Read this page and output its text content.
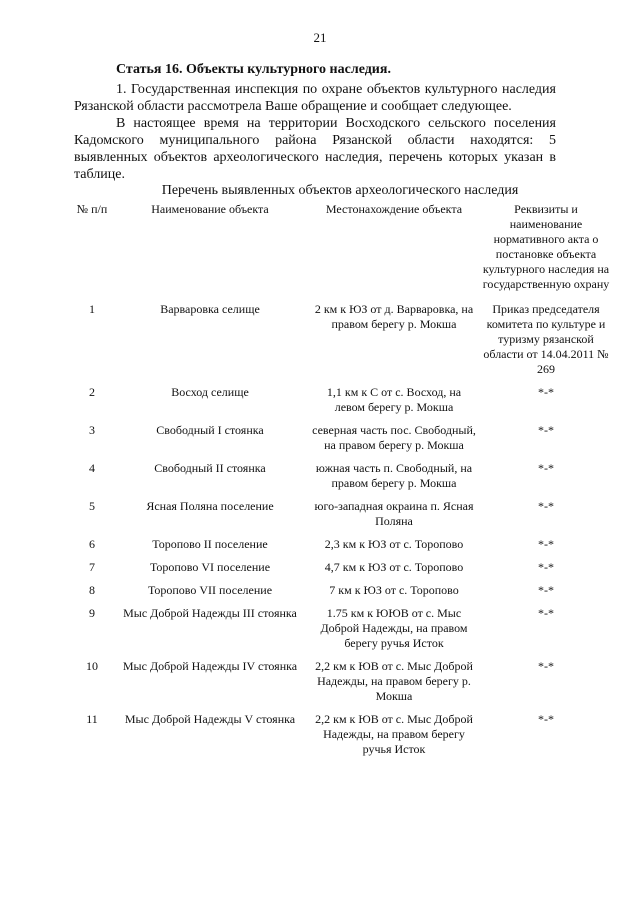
21
Статья 16. Объекты культурного наследия.

1. Государственная инспекция по охране объектов культурного наследия Рязанской области рассмотрела Ваше обращение и сообщает следующее.

В настоящее время на территории Восходского сельского поселения Кадомского муниципального района Рязанской области находятся: 5 выявленных объектов археологического наследия, перечень которых указан в таблице.

Перечень выявленных объектов археологического наследия
№ п/п	Наименование объекта	Местонахождение объекта	Реквизиты и наименование нормативного акта о постановке объекта культурного наследия на государственную охрану
1	Варваровка селище	2 км к ЮЗ от д. Варваровка, на правом берегу р. Мокша	Приказ председателя комитета по культуре и туризму рязанской области от 14.04.2011 № 269
2	Восход селище	1,1 км к С от с. Восход, на левом берегу р. Мокша	*-*
3	Свободный I стоянка	северная часть пос. Свободный, на правом берегу р. Мокша	*-*
4	Свободный II стоянка	южная часть п. Свободный, на правом берегу р. Мокша	*-*
5	Ясная Поляна поселение	юго-западная окраина п. Ясная Поляна	*-*
6	Торопово II поселение	2,3 км к ЮЗ от с. Торопово	*-*
7	Торопово VI поселение	4,7 км к ЮЗ от с. Торопово	*-*
8	Торопово VII поселение	7 км к ЮЗ от с. Торопово	*-*
9	Мыс Доброй Надежды III стоянка	1.75 км к ЮЮВ от с. Мыс Доброй Надежды, на правом берегу ручья Исток	*-*
10	Мыс Доброй Надежды IV стоянка	2,2 км к ЮВ от с. Мыс Доброй Надежды, на правом берегу р. Мокша	*-*
11	Мыс Доброй Надежды V стоянка	2,2 км к ЮВ от с. Мыс Доброй Надежды, на правом берегу ручья Исток	*-*
